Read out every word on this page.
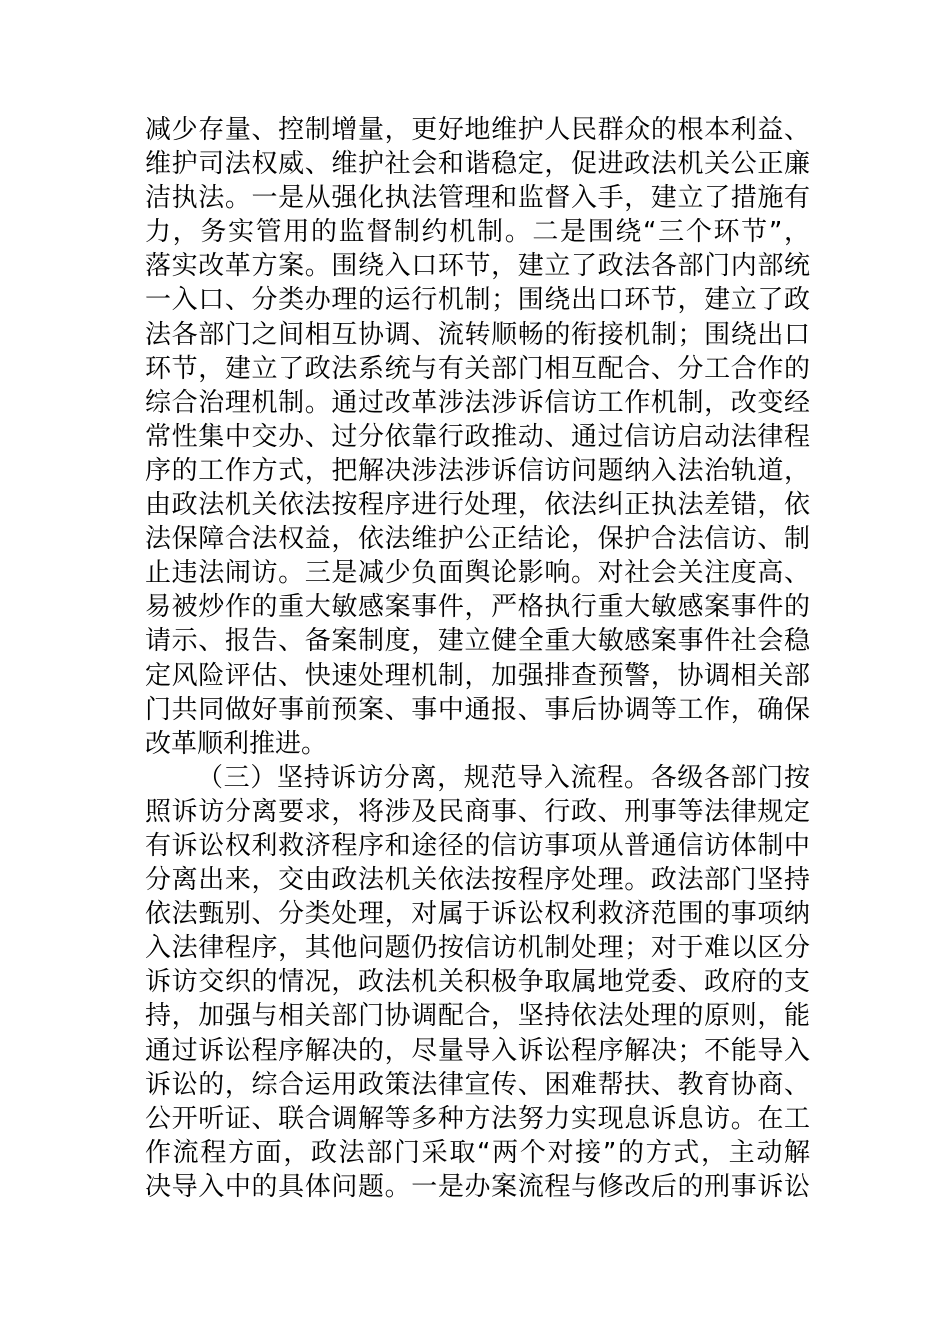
减少存量、控制增量，更好地维护人民群众的根本利益、
维护司法权威、维护社会和谐稳定，促进政法机关公正廉
洁执法。一是从强化执法管理和监督入手，建立了措施有
力，务实管用的监督制约机制。二是围绕“三个环节”，
落实改革方案。围绕入口环节，建立了政法各部门内部统
一入口、分类办理的运行机制；围绕出口环节，建立了政
法各部门之间相互协调、流转顺畅的衔接机制；围绕出口
环节，建立了政法系统与有关部门相互配合、分工合作的
综合治理机制。通过改革涉法涉诉信访工作机制，改变经
常性集中交办、过分依靠行政推动、通过信访启动法律程
序的工作方式，把解决涉法涉诉信访问题纳入法治轨道，
由政法机关依法按程序进行处理，依法纠正执法差错，依
法保障合法权益，依法维护公正结论，保护合法信访、制
止违法闹访。三是减少负面舆论影响。对社会关注度高、
易被炒作的重大敏感案事件，严格执行重大敏感案事件的
请示、报告、备案制度，建立健全重大敏感案事件社会稳
定风险评估、快速处理机制，加强排查预警，协调相关部
门共同做好事前预案、事中通报、事后协调等工作，确保
改革顺利推进。
（三）坚持诉访分离，规范导入流程。各级各部门按
照诉访分离要求，将涉及民商事、行政、刑事等法律规定
有诉讼权利救济程序和途径的信访事项从普通信访体制中
分离出来，交由政法机关依法按程序处理。政法部门坚持
依法甄别、分类处理，对属于诉讼权利救济范围的事项纳
入法律程序，其他问题仍按信访机制处理；对于难以区分
诉访交织的情况，政法机关积极争取属地党委、政府的支
持，加强与相关部门协调配合，坚持依法处理的原则，能
通过诉讼程序解决的，尽量导入诉讼程序解决；不能导入
诉讼的，综合运用政策法律宣传、困难帮扶、教育协商、
公开听证、联合调解等多种方法努力实现息诉息访。在工
作流程方面，政法部门采取“两个对接”的方式，主动解
决导入中的具体问题。一是办案流程与修改后的刑事诉讼
